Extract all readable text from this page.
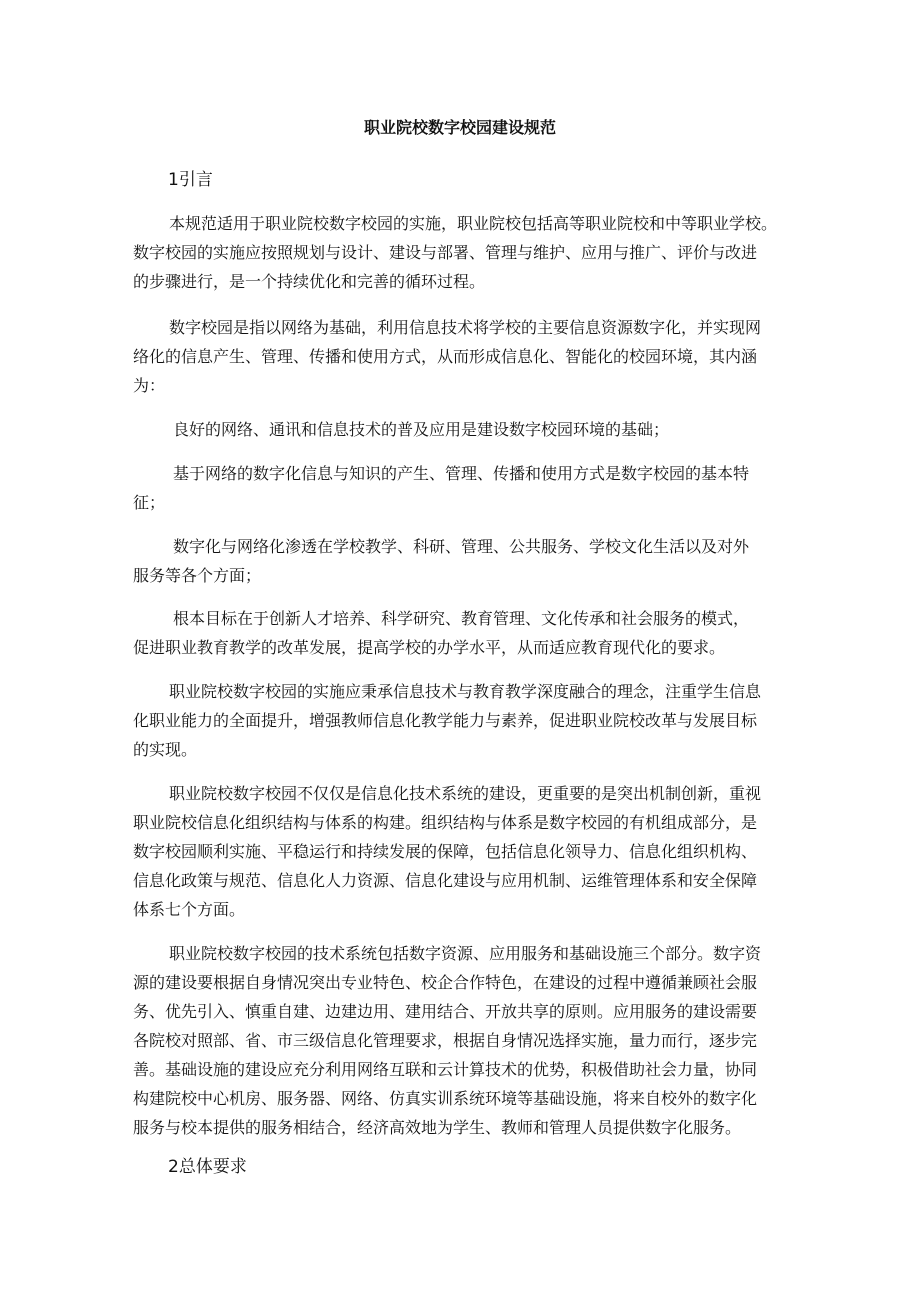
职业院校数字校园建设规范
1引言
本规范适用于职业院校数字校园的实施，职业院校包括高等职业院校和中等职业学校。
数字校园的实施应按照规划与设计、建设与部署、管理与维护、应用与推广、评价与改进
的步骤进行，是一个持续优化和完善的循环过程。
数字校园是指以网络为基础，利用信息技术将学校的主要信息资源数字化，并实现网
络化的信息产生、管理、传播和使用方式，从而形成信息化、智能化的校园环境，其内涵
为：
良好的网络、通讯和信息技术的普及应用是建设数字校园环境的基础；
基于网络的数字化信息与知识的产生、管理、传播和使用方式是数字校园的基本特
征；
数字化与网络化渗透在学校教学、科研、管理、公共服务、学校文化生活以及对外
服务等各个方面；
根本目标在于创新人才培养、科学研究、教育管理、文化传承和社会服务的模式，
促进职业教育教学的改革发展，提高学校的办学水平，从而适应教育现代化的要求。
职业院校数字校园的实施应秉承信息技术与教育教学深度融合的理念，注重学生信息
化职业能力的全面提升，增强教师信息化教学能力与素养，促进职业院校改革与发展目标
的实现。
职业院校数字校园不仅仅是信息化技术系统的建设，更重要的是突出机制创新，重视
职业院校信息化组织结构与体系的构建。组织结构与体系是数字校园的有机组成部分，是
数字校园顺利实施、平稳运行和持续发展的保障，包括信息化领导力、信息化组织机构、
信息化政策与规范、信息化人力资源、信息化建设与应用机制、运维管理体系和安全保障
体系七个方面。
职业院校数字校园的技术系统包括数字资源、应用服务和基础设施三个部分。数字资
源的建设要根据自身情况突出专业特色、校企合作特色，在建设的过程中遵循兼顾社会服
务、优先引入、慎重自建、边建边用、建用结合、开放共享的原则。应用服务的建设需要
各院校对照部、省、市三级信息化管理要求，根据自身情况选择实施，量力而行，逐步完
善。基础设施的建设应充分利用网络互联和云计算技术的优势，积极借助社会力量，协同
构建院校中心机房、服务器、网络、仿真实训系统环境等基础设施，将来自校外的数字化
服务与校本提供的服务相结合，经济高效地为学生、教师和管理人员提供数字化服务。
2总体要求
